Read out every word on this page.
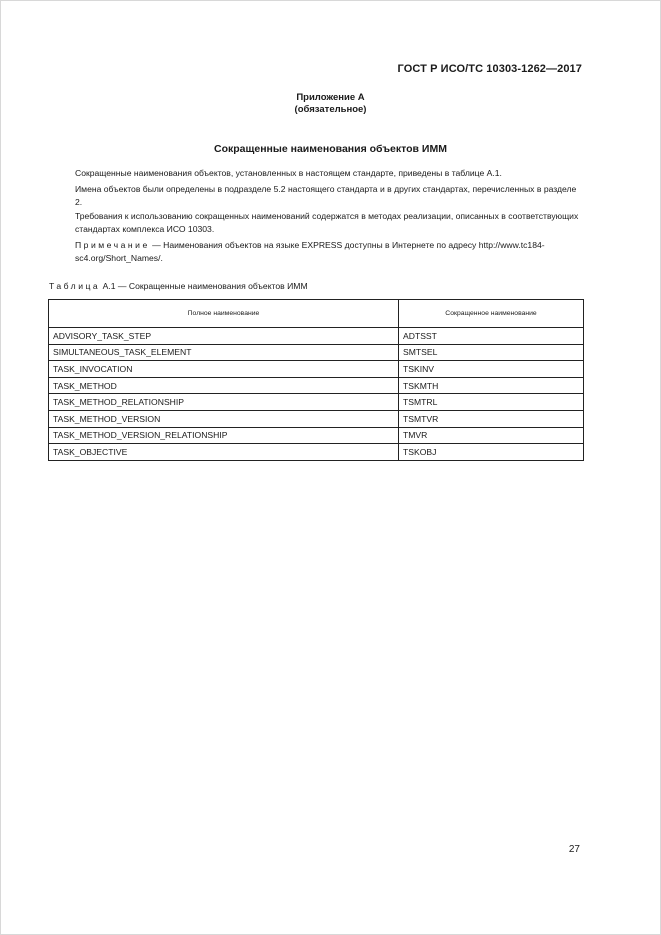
ГОСТ Р ИСО/ТС 10303-1262—2017
Приложение А
(обязательное)
Сокращенные наименования объектов ИММ
Сокращенные наименования объектов, установленных в настоящем стандарте, приведены в таблице А.1.
Имена объектов были определены в подразделе 5.2 настоящего стандарта и в других стандартах, перечисленных в разделе 2.
Требования к использованию сокращенных наименований содержатся в методах реализации, описанных в соответствующих стандартах комплекса ИСО 10303.
Примечание — Наименования объектов на языке EXPRESS доступны в Интернете по адресу http://www.tc184-sc4.org/Short_Names/.
Таблица А.1 — Сокращенные наименования объектов ИММ
Полное наименование	Сокращенное наименование
ADVISORY_TASK_STEP	ADTSST
SIMULTANEOUS_TASK_ELEMENT	SMTSEL
TASK_INVOCATION	TSKINV
TASK_METHOD	TSKMTH
TASK_METHOD_RELATIONSHIP	TSMTRL
TASK_METHOD_VERSION	TSMTVR
TASK_METHOD_VERSION_RELATIONSHIP	TMVR
TASK_OBJECTIVE	TSKOBJ
27
